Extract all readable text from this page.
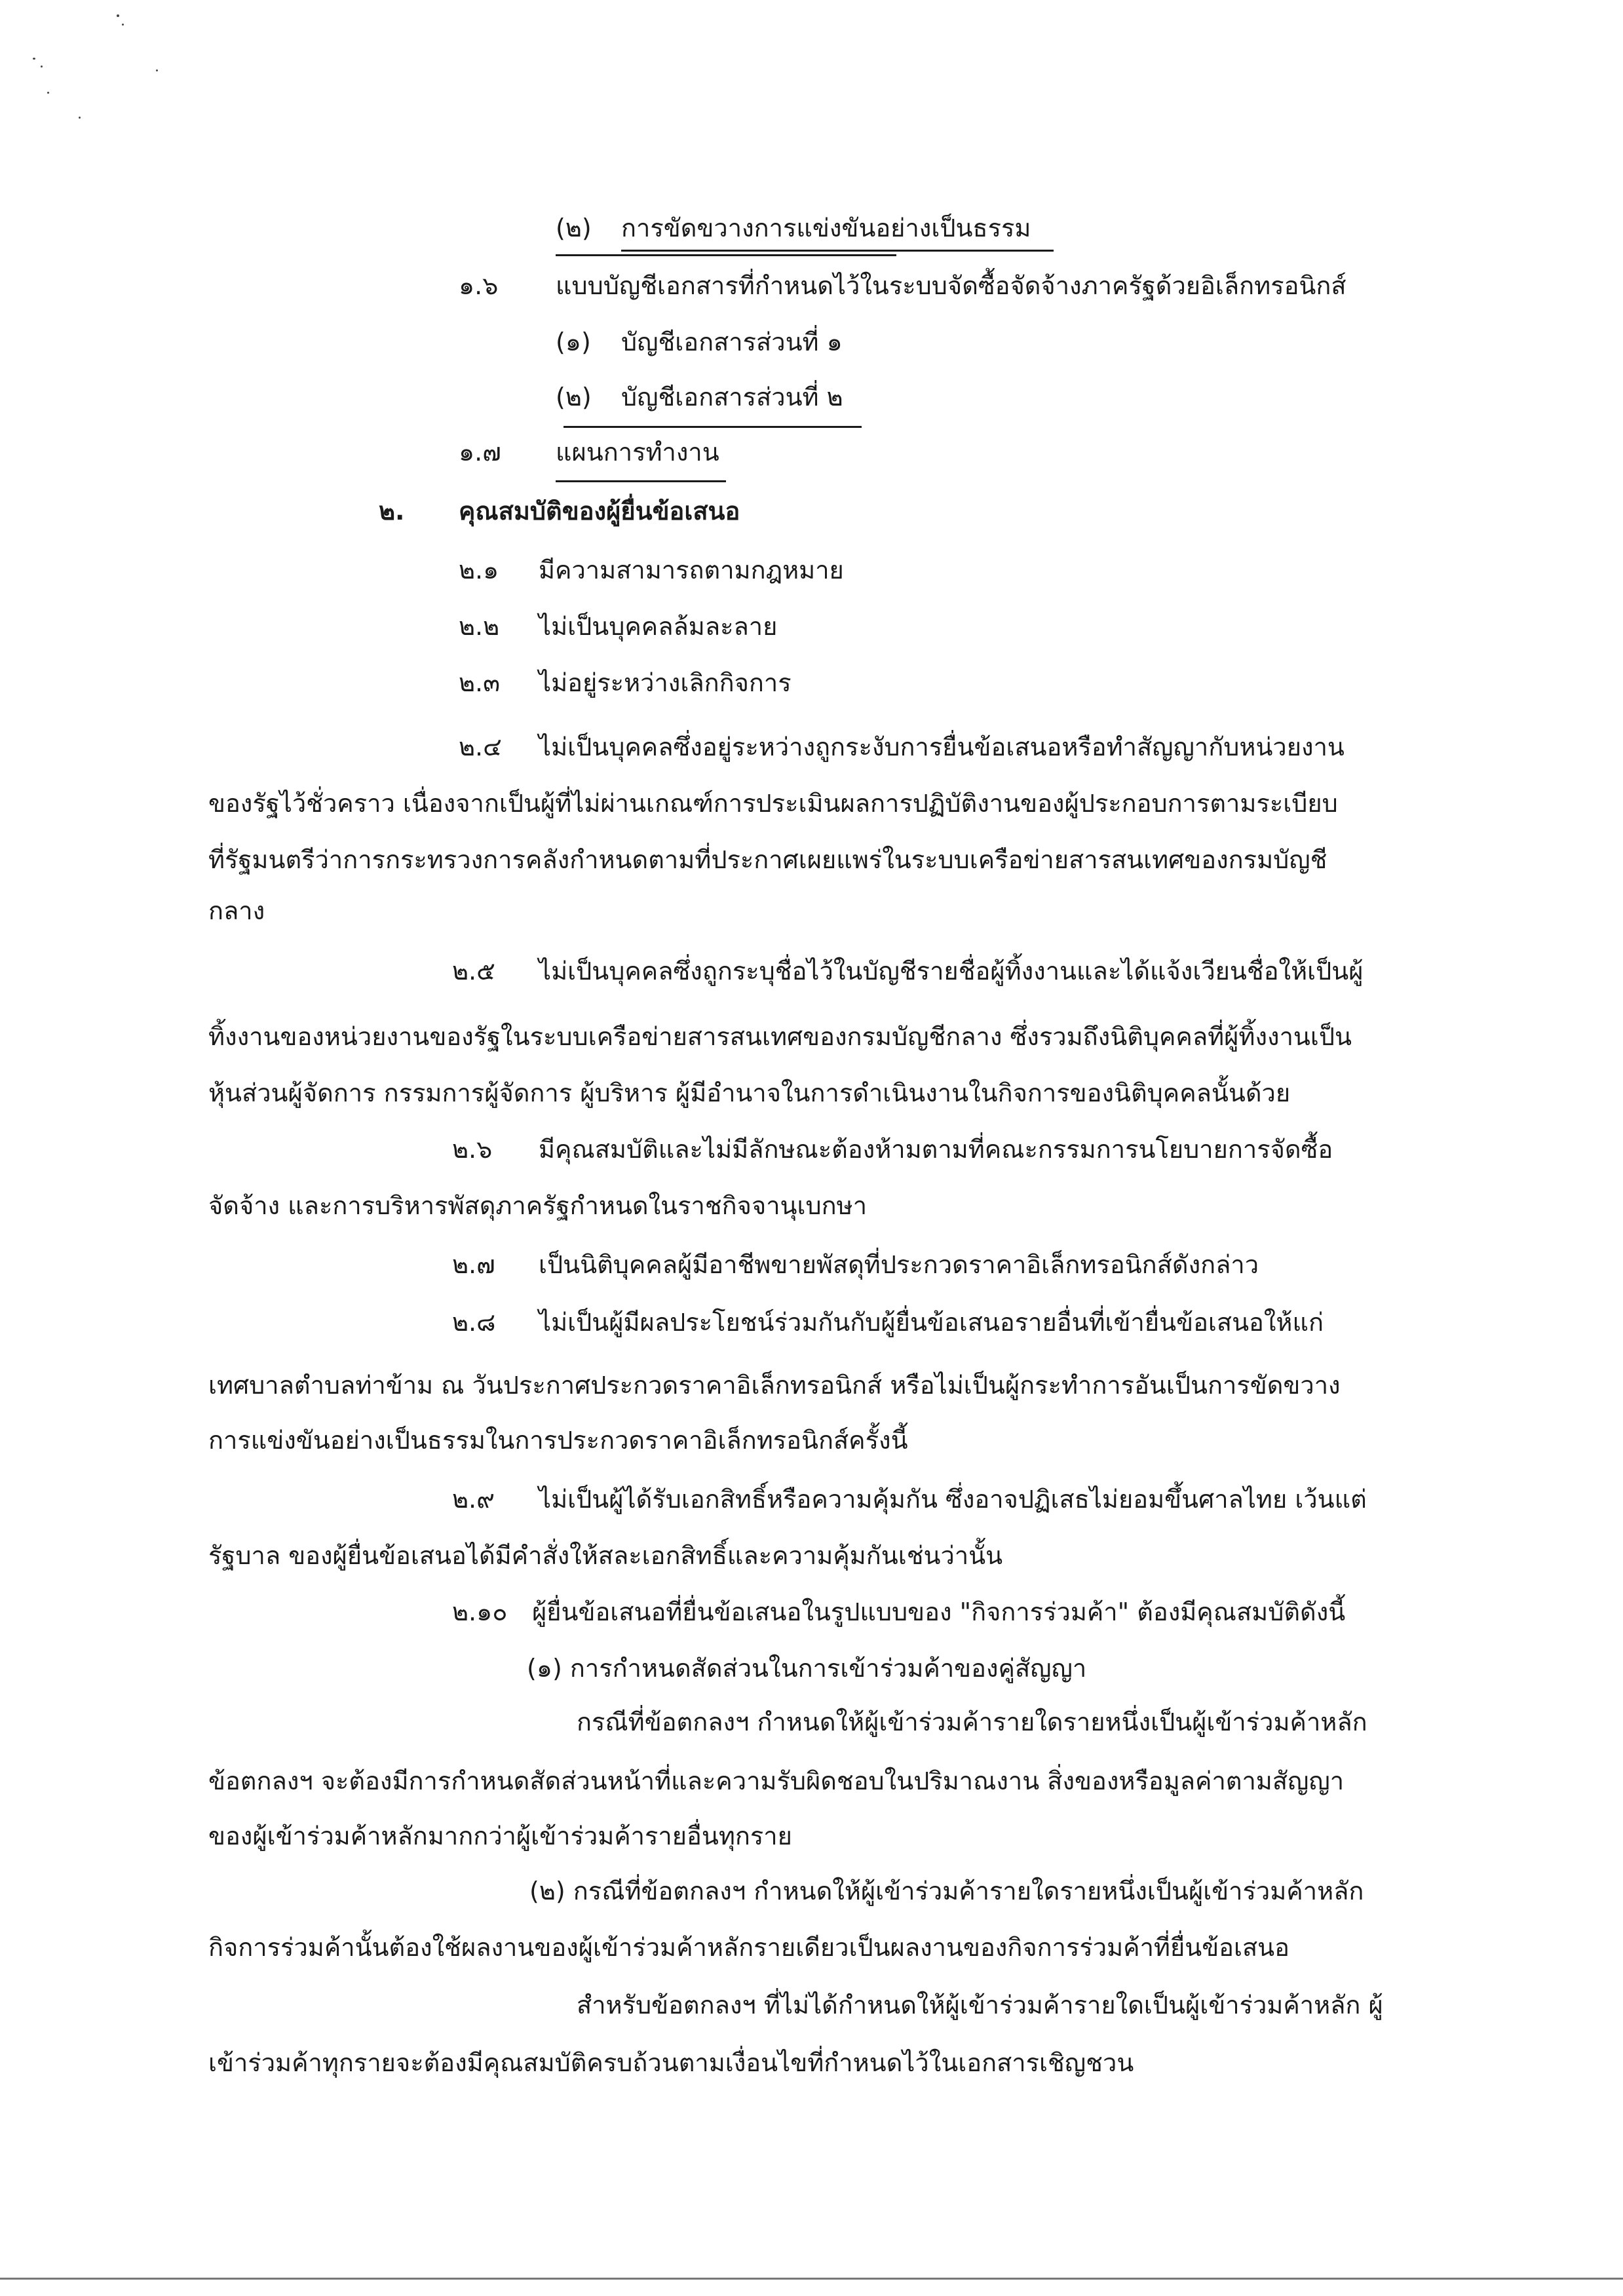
(๒) การขัดขวางการแข่งขันอย่างเป็นธรรม
๑.๖ แบบบัญชีเอกสารที่กำหนดไว้ในระบบจัดซื้อจัดจ้างภาครัฐด้วยอิเล็กทรอนิกส์
(๑) บัญชีเอกสารส่วนที่ ๑
(๒) บัญชีเอกสารส่วนที่ ๒
๑.๗ แผนการทำงาน
๒. คุณสมบัติของผู้ยื่นข้อเสนอ
๒.๑ มีความสามารถตามกฎหมาย
๒.๒ ไม่เป็นบุคคลล้มละลาย
๒.๓ ไม่อยู่ระหว่างเลิกกิจการ
๒.๔ ไม่เป็นบุคคลซึ่งอยู่ระหว่างถูกระงับการยื่นข้อเสนอหรือทำสัญญากับหน่วยงาน
ของรัฐไว้ชั่วคราว เนื่องจากเป็นผู้ที่ไม่ผ่านเกณฑ์การประเมินผลการปฏิบัติงานของผู้ประกอบการตามระเบียบ
ที่รัฐมนตรีว่าการกระทรวงการคลังกำหนดตามที่ประกาศเผยแพร่ในระบบเครือข่ายสารสนเทศของกรมบัญชี
กลาง
๒.๕ ไม่เป็นบุคคลซึ่งถูกระบุชื่อไว้ในบัญชีรายชื่อผู้ทิ้งงานและได้แจ้งเวียนชื่อให้เป็นผู้
ทิ้งงานของหน่วยงานของรัฐในระบบเครือข่ายสารสนเทศของกรมบัญชีกลาง ซึ่งรวมถึงนิติบุคคลที่ผู้ทิ้งงานเป็น
หุ้นส่วนผู้จัดการ กรรมการผู้จัดการ ผู้บริหาร ผู้มีอำนาจในการดำเนินงานในกิจการของนิติบุคคลนั้นด้วย
๒.๖ มีคุณสมบัติและไม่มีลักษณะต้องห้ามตามที่คณะกรรมการนโยบายการจัดซื้อ
จัดจ้าง และการบริหารพัสดุภาครัฐกำหนดในราชกิจจานุเบกษา
๒.๗ เป็นนิติบุคคลผู้มีอาชีพขายพัสดุที่ประกวดราคาอิเล็กทรอนิกส์ดังกล่าว
๒.๘ ไม่เป็นผู้มีผลประโยชน์ร่วมกันกับผู้ยื่นข้อเสนอรายอื่นที่เข้ายื่นข้อเสนอให้แก่
เทศบาลตำบลท่าข้าม ณ วันประกาศประกวดราคาอิเล็กทรอนิกส์ หรือไม่เป็นผู้กระทำการอันเป็นการขัดขวาง
การแข่งขันอย่างเป็นธรรมในการประกวดราคาอิเล็กทรอนิกส์ครั้งนี้
๒.๙ ไม่เป็นผู้ได้รับเอกสิทธิ์หรือความคุ้มกัน ซึ่งอาจปฏิเสธไม่ยอมขึ้นศาลไทย เว้นแต่
รัฐบาล ของผู้ยื่นข้อเสนอได้มีคำสั่งให้สละเอกสิทธิ์และความคุ้มกันเช่นว่านั้น
๒.๑๐ ผู้ยื่นข้อเสนอที่ยื่นข้อเสนอในรูปแบบของ "กิจการร่วมค้า" ต้องมีคุณสมบัติดังนี้
(๑) การกำหนดสัดส่วนในการเข้าร่วมค้าของคู่สัญญา
กรณีที่ข้อตกลงฯ กำหนดให้ผู้เข้าร่วมค้ารายใดรายหนึ่งเป็นผู้เข้าร่วมค้าหลัก
ข้อตกลงฯ จะต้องมีการกำหนดสัดส่วนหน้าที่และความรับผิดชอบในปริมาณงาน สิ่งของหรือมูลค่าตามสัญญา
ของผู้เข้าร่วมค้าหลักมากกว่าผู้เข้าร่วมค้ารายอื่นทุกราย
(๒) กรณีที่ข้อตกลงฯ กำหนดให้ผู้เข้าร่วมค้ารายใดรายหนึ่งเป็นผู้เข้าร่วมค้าหลัก
กิจการร่วมค้านั้นต้องใช้ผลงานของผู้เข้าร่วมค้าหลักรายเดียวเป็นผลงานของกิจการร่วมค้าที่ยื่นข้อเสนอ
สำหรับข้อตกลงฯ ที่ไม่ได้กำหนดให้ผู้เข้าร่วมค้ารายใดเป็นผู้เข้าร่วมค้าหลัก ผู้
เข้าร่วมค้าทุกรายจะต้องมีคุณสมบัติครบถ้วนตามเงื่อนไขที่กำหนดไว้ในเอกสารเชิญชวน
